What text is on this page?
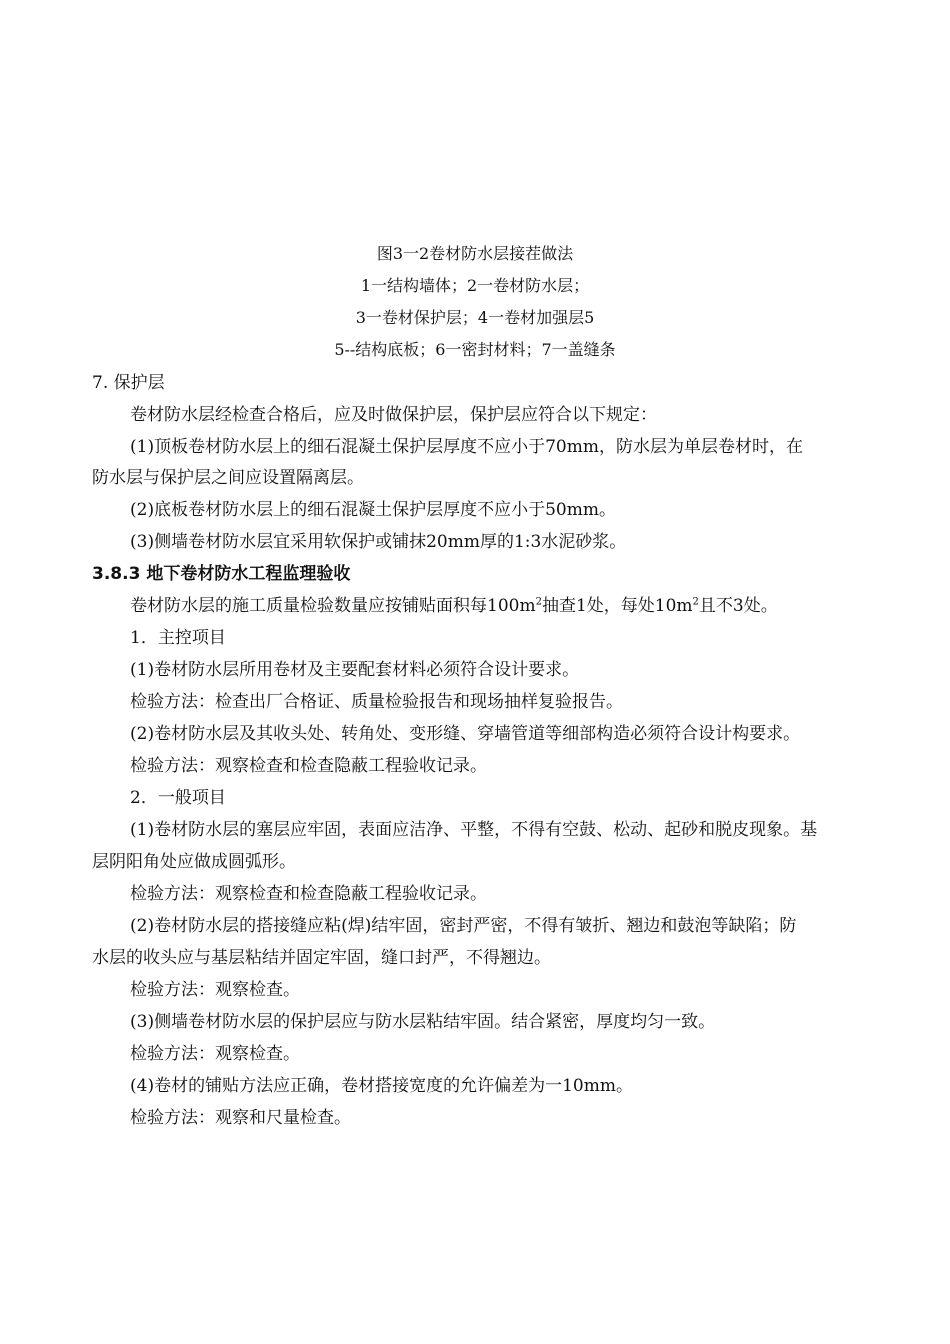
图3一2卷材防水层接茬做法
1一结构墙体；2一卷材防水层；
3一卷材保护层；4一卷材加强层5
5--结构底板；6一密封材料；7一盖缝条
7. 保护层
卷材防水层经检查合格后，应及时做保护层，保护层应符合以下规定：
(1)顶板卷材防水层上的细石混凝土保护层厚度不应小于70mm，防水层为单层卷材时，在
防水层与保护层之间应设置隔离层。
(2)底板卷材防水层上的细石混凝土保护层厚度不应小于50mm。
(3)侧墙卷材防水层宜采用软保护或铺抹20mm厚的1:3水泥砂浆。
3.8.3 地下卷材防水工程监理验收
卷材防水层的施工质量检验数量应按铺贴面积每$100m^2$抽查1处，每处$10m^2$且不3处。
1．主控项目
(1)卷材防水层所用卷材及主要配套材料必须符合设计要求。
检验方法：检查出厂合格证、质量检验报告和现场抽样复验报告。
(2)卷材防水层及其收头处、转角处、变形缝、穿墙管道等细部构造必须符合设计构要求。
检验方法：观察检查和检查隐蔽工程验收记录。
2．一般项目
(1)卷材防水层的塞层应牢固，表面应洁净、平整，不得有空鼓、松动、起砂和脱皮现象。基
层阴阳角处应做成圆弧形。
检验方法：观察检查和检查隐蔽工程验收记录。
(2)卷材防水层的搭接缝应粘(焊)结牢固，密封严密，不得有皱折、翘边和鼓泡等缺陷；防
水层的收头应与基层粘结并固定牢固，缝口封严，不得翘边。
检验方法：观察检查。
(3)侧墙卷材防水层的保护层应与防水层粘结牢固。结合紧密，厚度均匀一致。
检验方法：观察检查。
(4)卷材的铺贴方法应正确，卷材搭接宽度的允许偏差为一10mm。
检验方法：观察和尺量检查。
